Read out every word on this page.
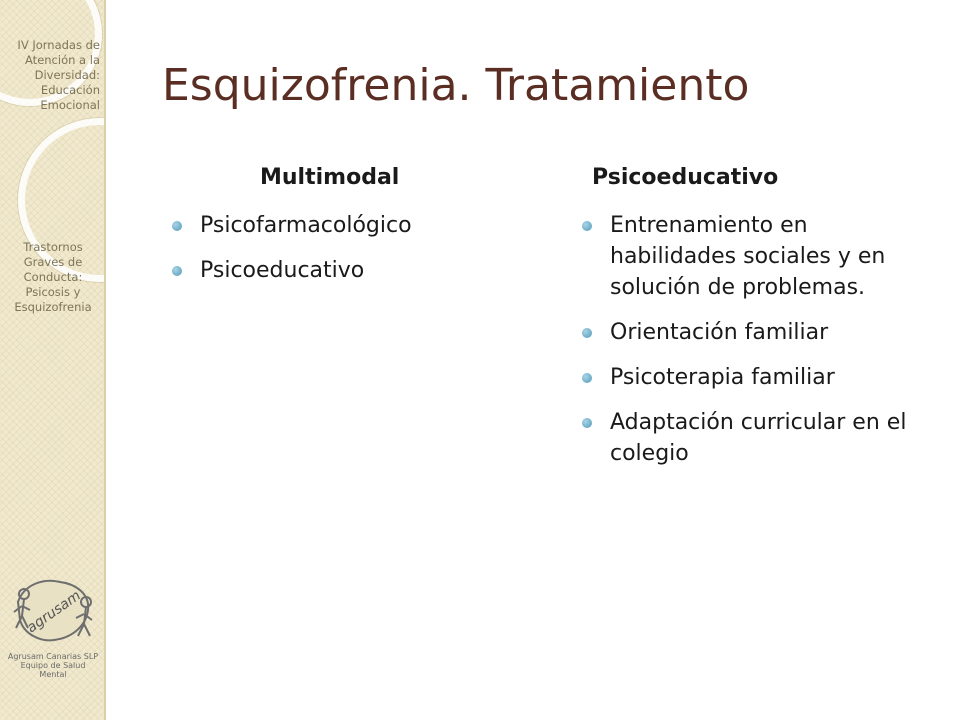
IV Jornadas de
Atención a la
Diversidad:
Educación
Emocional
Trastornos
Graves de
Conducta:
Psicosis y
Esquizofrenia
agrusam
Agrusam Canarias SLP
Equipo de Salud
Mental
Esquizofrenia. Tratamiento
Multimodal
Psicofarmacológico
Psicoeducativo
Psicoeducativo
Entrenamiento en habilidades sociales y en solución de problemas.
Orientación familiar
Psicoterapia familiar
Adaptación curricular en el colegio
